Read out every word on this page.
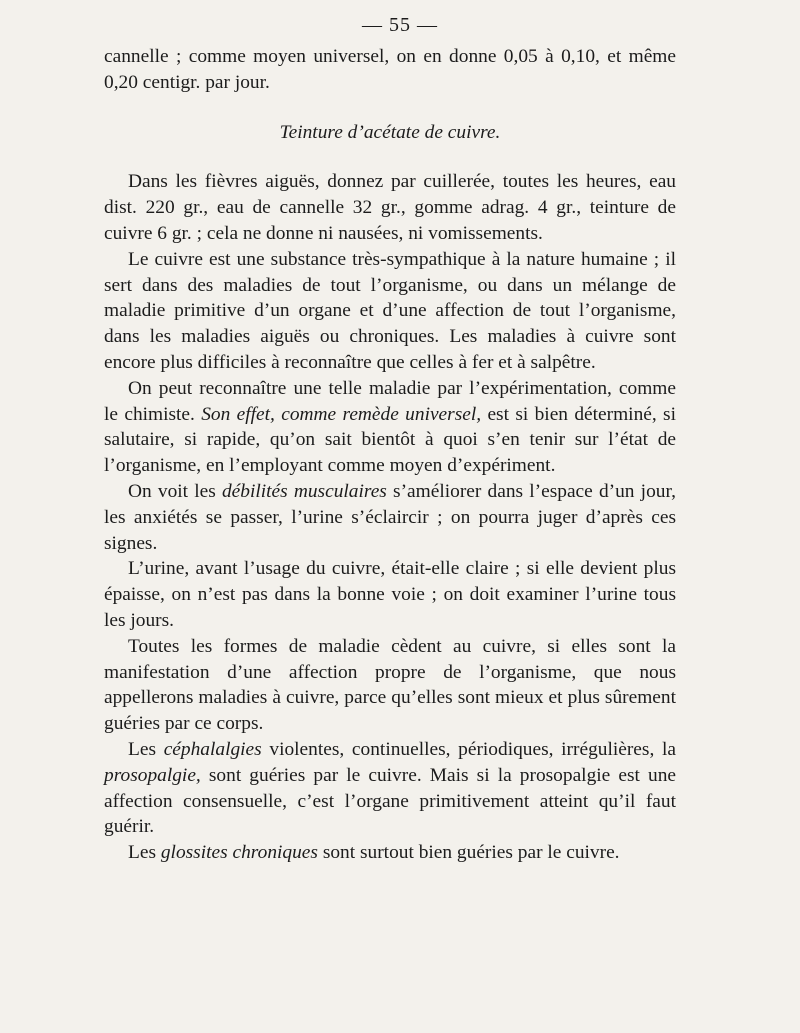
— 55 —

cannelle ; comme moyen universel, on en donne 0,05 à 0,10, et même 0,20 centigr. par jour.

Teinture d’acétate de cuivre.

Dans les fièvres aiguës, donnez par cuillerée, toutes les heures, eau dist. 220 gr., eau de cannelle 32 gr., gomme adrag. 4 gr., teinture de cuivre 6 gr. ; cela ne donne ni nausées, ni vomissements.

Le cuivre est une substance très-sympathique à la nature humaine ; il sert dans des maladies de tout l’organisme, ou dans un mélange de maladie primitive d’un organe et d’une affection de tout l’organisme, dans les maladies aiguës ou chroniques. Les maladies à cuivre sont encore plus difficiles à reconnaître que celles à fer et à salpêtre.

On peut reconnaître une telle maladie par l’expérimentation, comme le chimiste. Son effet, comme remède universel, est si bien déterminé, si salutaire, si rapide, qu’on sait bientôt à quoi s’en tenir sur l’état de l’organisme, en l’employant comme moyen d’expériment.

On voit les débilités musculaires s’améliorer dans l’espace d’un jour, les anxiétés se passer, l’urine s’éclaircir ; on pourra juger d’après ces signes.

L’urine, avant l’usage du cuivre, était-elle claire ; si elle devient plus épaisse, on n’est pas dans la bonne voie ; on doit examiner l’urine tous les jours.

Toutes les formes de maladie cèdent au cuivre, si elles sont la manifestation d’une affection propre de l’organisme, que nous appellerons maladies à cuivre, parce qu’elles sont mieux et plus sûrement guéries par ce corps.

Les céphalalgies violentes, continuelles, périodiques, irrégulières, la prosopalgie, sont guéries par le cuivre. Mais si la prosopalgie est une affection consensuelle, c’est l’organe primitivement atteint qu’il faut guérir.

Les glossites chroniques sont surtout bien guéries par le cuivre.
